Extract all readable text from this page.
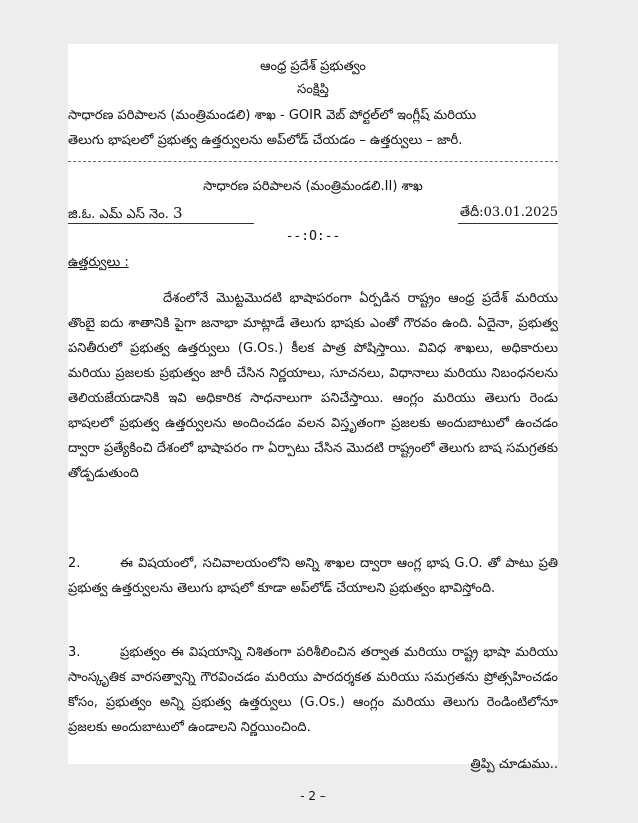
ఆంధ్ర ప్రదేశ్ ప్రభుత్వం
సంక్షిప్తి
సాధారణ పరిపాలన (మంత్రిమండలి) శాఖ - GOIR వెబ్ పోర్టల్‌లో ఇంగ్లీష్ మరియు
తెలుగు భాషలలో ప్రభుత్వ ఉత్తర్వులను అప్‌లోడ్ చేయడం – ఉత్తర్వులు – జారీ.
సాధారణ పరిపాలన (మంత్రిమండలి.II) శాఖ
జి.ఓ. ఎమ్ ఎస్ నెం. 3	తేదీ:03.01.2025
--:O:--
ఉత్తర్వులు :
దేశంలోనే మొట్టమొదటి భాషాపరంగా ఏర్పడిన రాష్ట్రం ఆంధ్ర ప్రదేశ్ మరియు తొంబై ఐదు శాతానికి పైగా జనాభా మాట్లాడే తెలుగు భాషకు ఎంతో గౌరవం ఉంది. ఏదైనా, ప్రభుత్వ పనితీరులో ప్రభుత్వ ఉత్తర్వులు (G.Os.) కీలక పాత్ర పోషిస్తాయి. వివిధ శాఖలు, అధికారులు మరియు ప్రజలకు ప్రభుత్వం జారీ చేసిన నిర్ణయాలు, సూచనలు, విధానాలు మరియు నిబంధనలను తెలియజేయడానికి ఇవి అధికారిక సాధనాలుగా పనిచేస్తాయి. ఆంగ్లం మరియు తెలుగు రెండు భాషలలో ప్రభుత్వ ఉత్తర్వులను అందించడం వలన విస్తృతంగా ప్రజలకు అందుబాటులో ఉంచడం ద్వారా ప్రత్యేకించి దేశంలో భాషాపరం గా ఏర్పాటు చేసిన మొదటి రాష్ట్రంలో తెలుగు బాష సమగ్రతకు తోడ్పడుతుంది
2.	ఈ విషయంలో, సచివాలయంలోని అన్ని శాఖల ద్వారా ఆంగ్ల భాష G.O. తో పాటు ప్రతి ప్రభుత్వ ఉత్తర్వులను తెలుగు భాషలో కూడా అప్‌లోడ్ చేయాలని ప్రభుత్వం భావిస్తోంది.
3.	ప్రభుత్వం ఈ విషయాన్ని నిశితంగా పరిశీలించిన తర్వాత మరియు రాష్ట్ర భాషా మరియు సాంస్కృతిక వారసత్వాన్ని గౌరవించడం మరియు పారదర్శకత మరియు సమగ్రతను ప్రోత్సహించడం కోసం, ప్రభుత్వం అన్ని ప్రభుత్వ ఉత్తర్వులు (G.Os.) ఆంగ్లం మరియు తెలుగు రెండింటిలోనూ ప్రజలకు అందుబాటులో ఉండాలని నిర్ణయించింది.
త్రిప్పి చూడుము..
- 2 –
